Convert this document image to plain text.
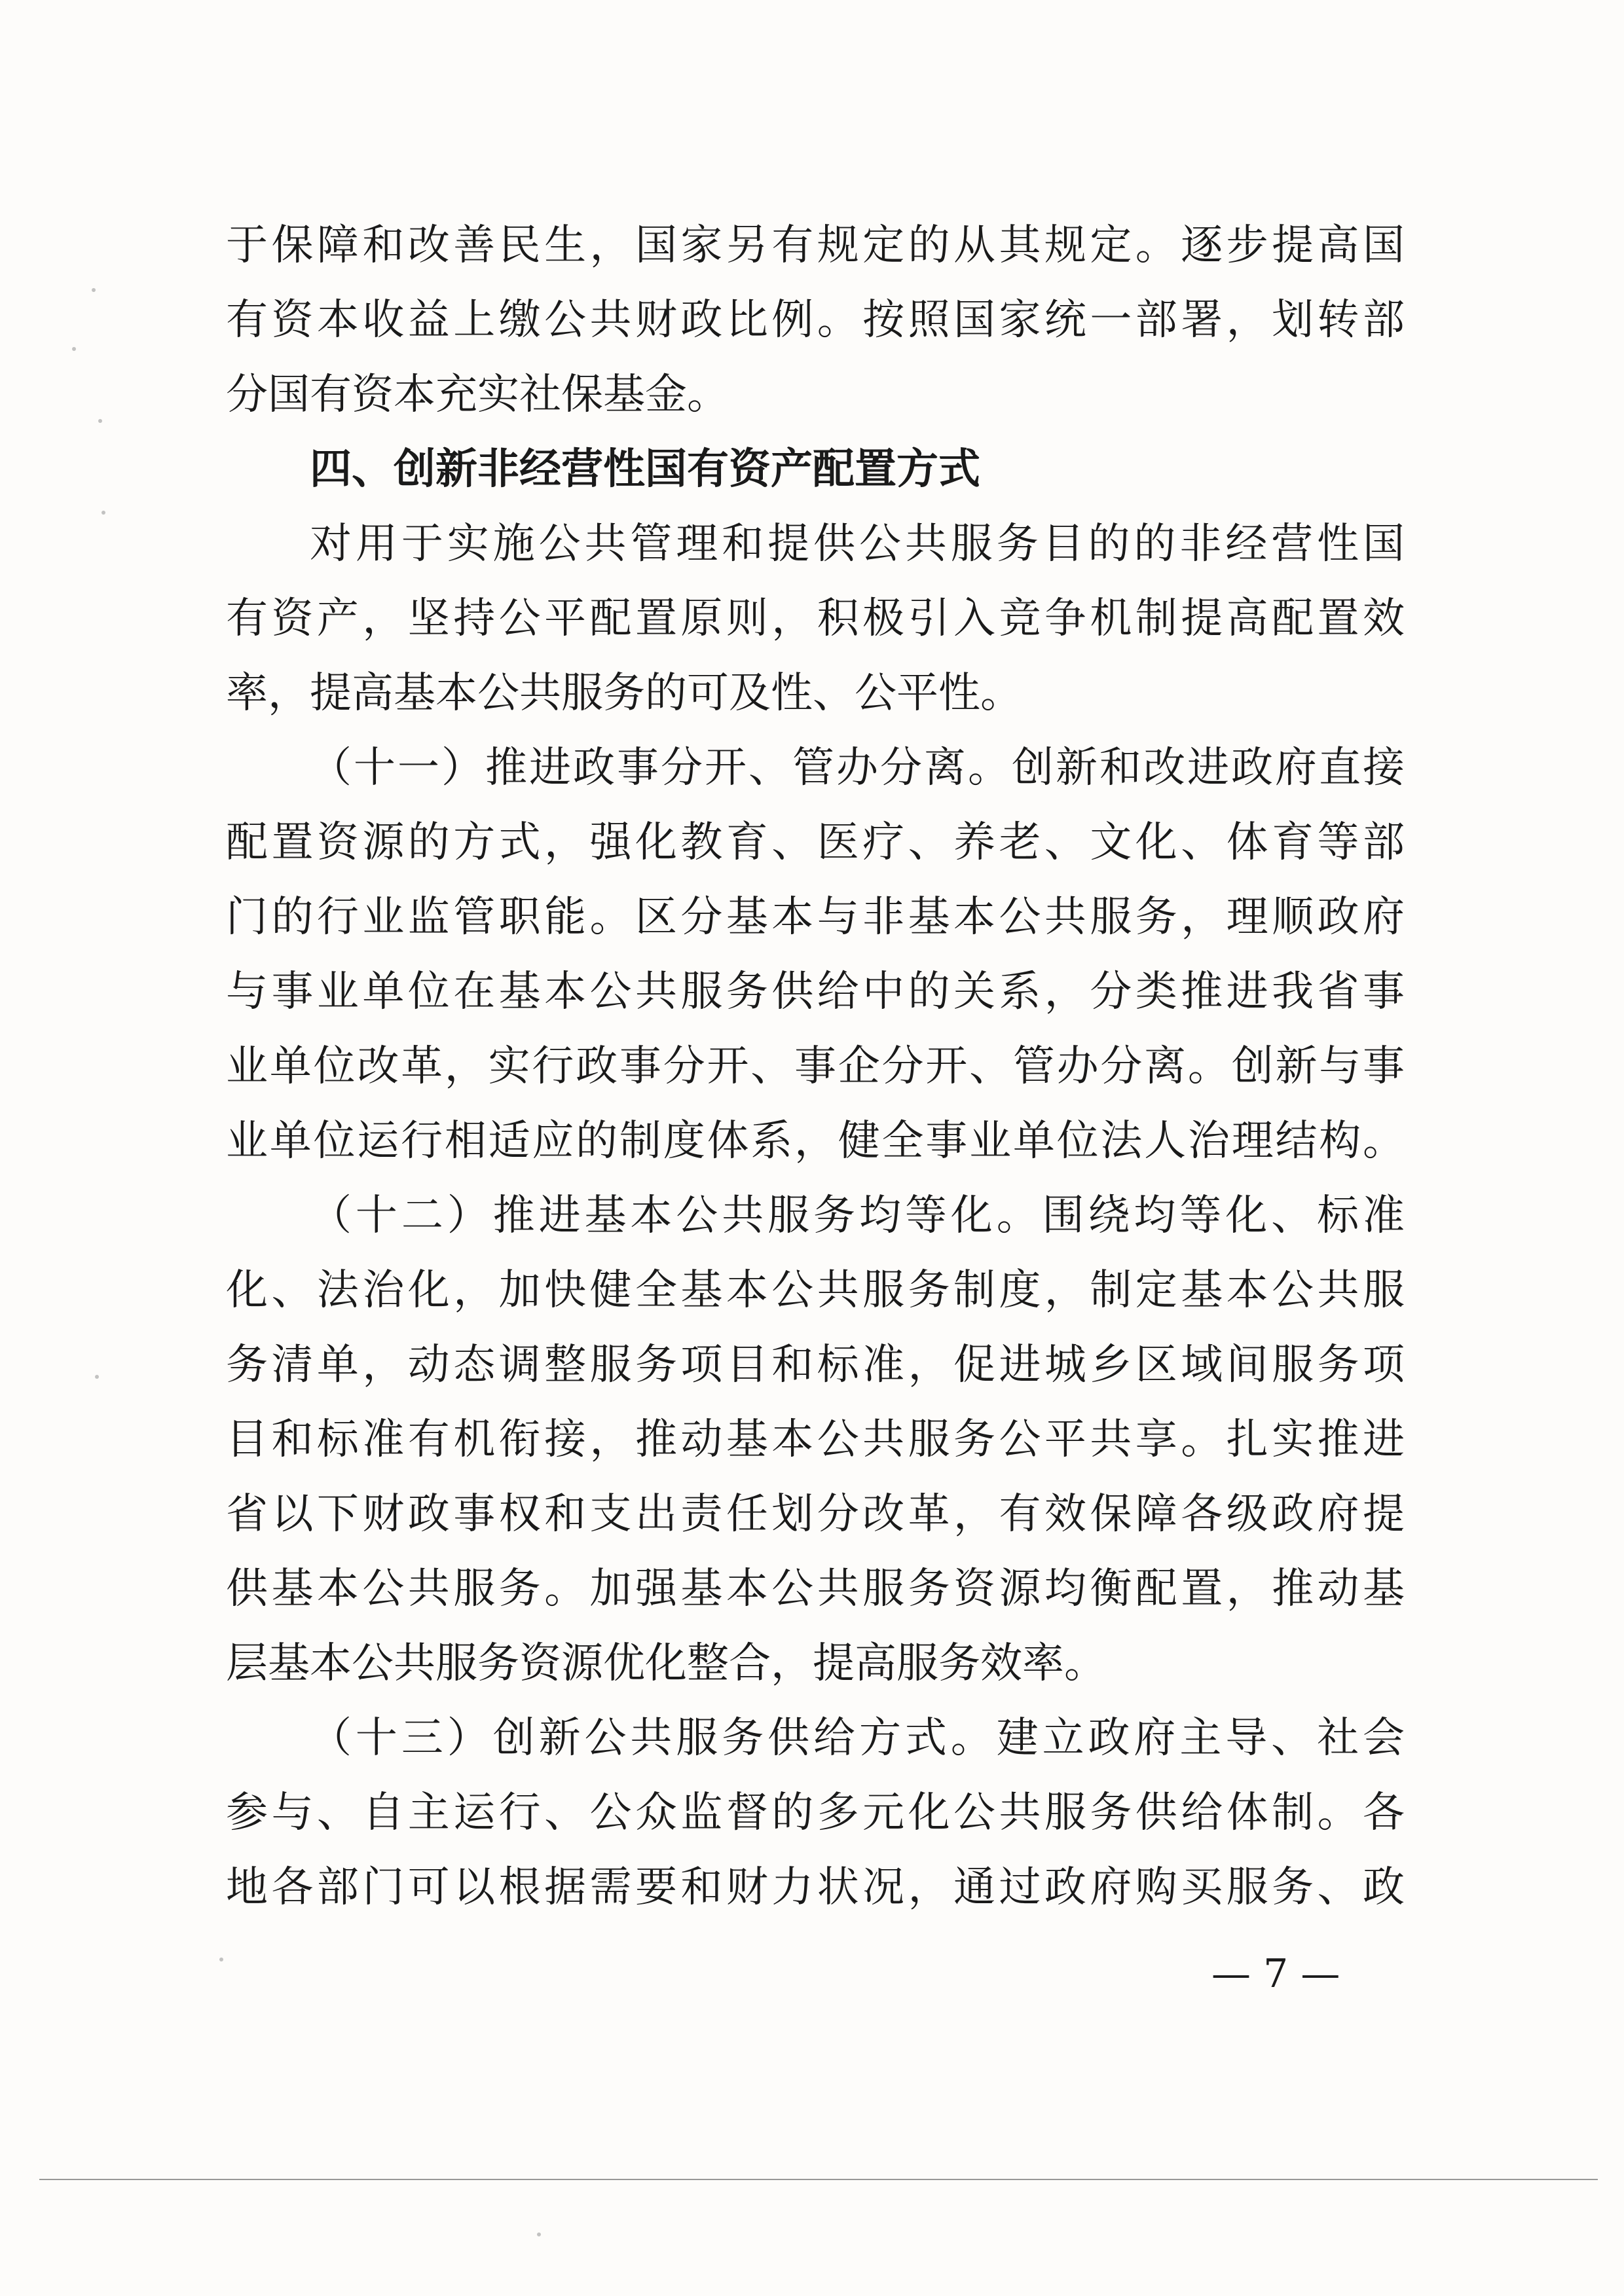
于保障和改善民生，国家另有规定的从其规定。逐步提高国
有资本收益上缴公共财政比例。按照国家统一部署，划转部
分国有资本充实社保基金。
四、创新非经营性国有资产配置方式
对用于实施公共管理和提供公共服务目的的非经营性国
有资产，坚持公平配置原则，积极引入竞争机制提高配置效
率，提高基本公共服务的可及性、公平性。
（十一）推进政事分开、管办分离。创新和改进政府直接
配置资源的方式，强化教育、医疗、养老、文化、体育等部
门的行业监管职能。区分基本与非基本公共服务，理顺政府
与事业单位在基本公共服务供给中的关系，分类推进我省事
业单位改革，实行政事分开、事企分开、管办分离。创新与事
业单位运行相适应的制度体系，健全事业单位法人治理结构。
（十二）推进基本公共服务均等化。围绕均等化、标准
化、法治化，加快健全基本公共服务制度，制定基本公共服
务清单，动态调整服务项目和标准，促进城乡区域间服务项
目和标准有机衔接，推动基本公共服务公平共享。扎实推进
省以下财政事权和支出责任划分改革，有效保障各级政府提
供基本公共服务。加强基本公共服务资源均衡配置，推动基
层基本公共服务资源优化整合，提高服务效率。
（十三）创新公共服务供给方式。建立政府主导、社会
参与、自主运行、公众监督的多元化公共服务供给体制。各
地各部门可以根据需要和财力状况，通过政府购买服务、政
— 7 —
